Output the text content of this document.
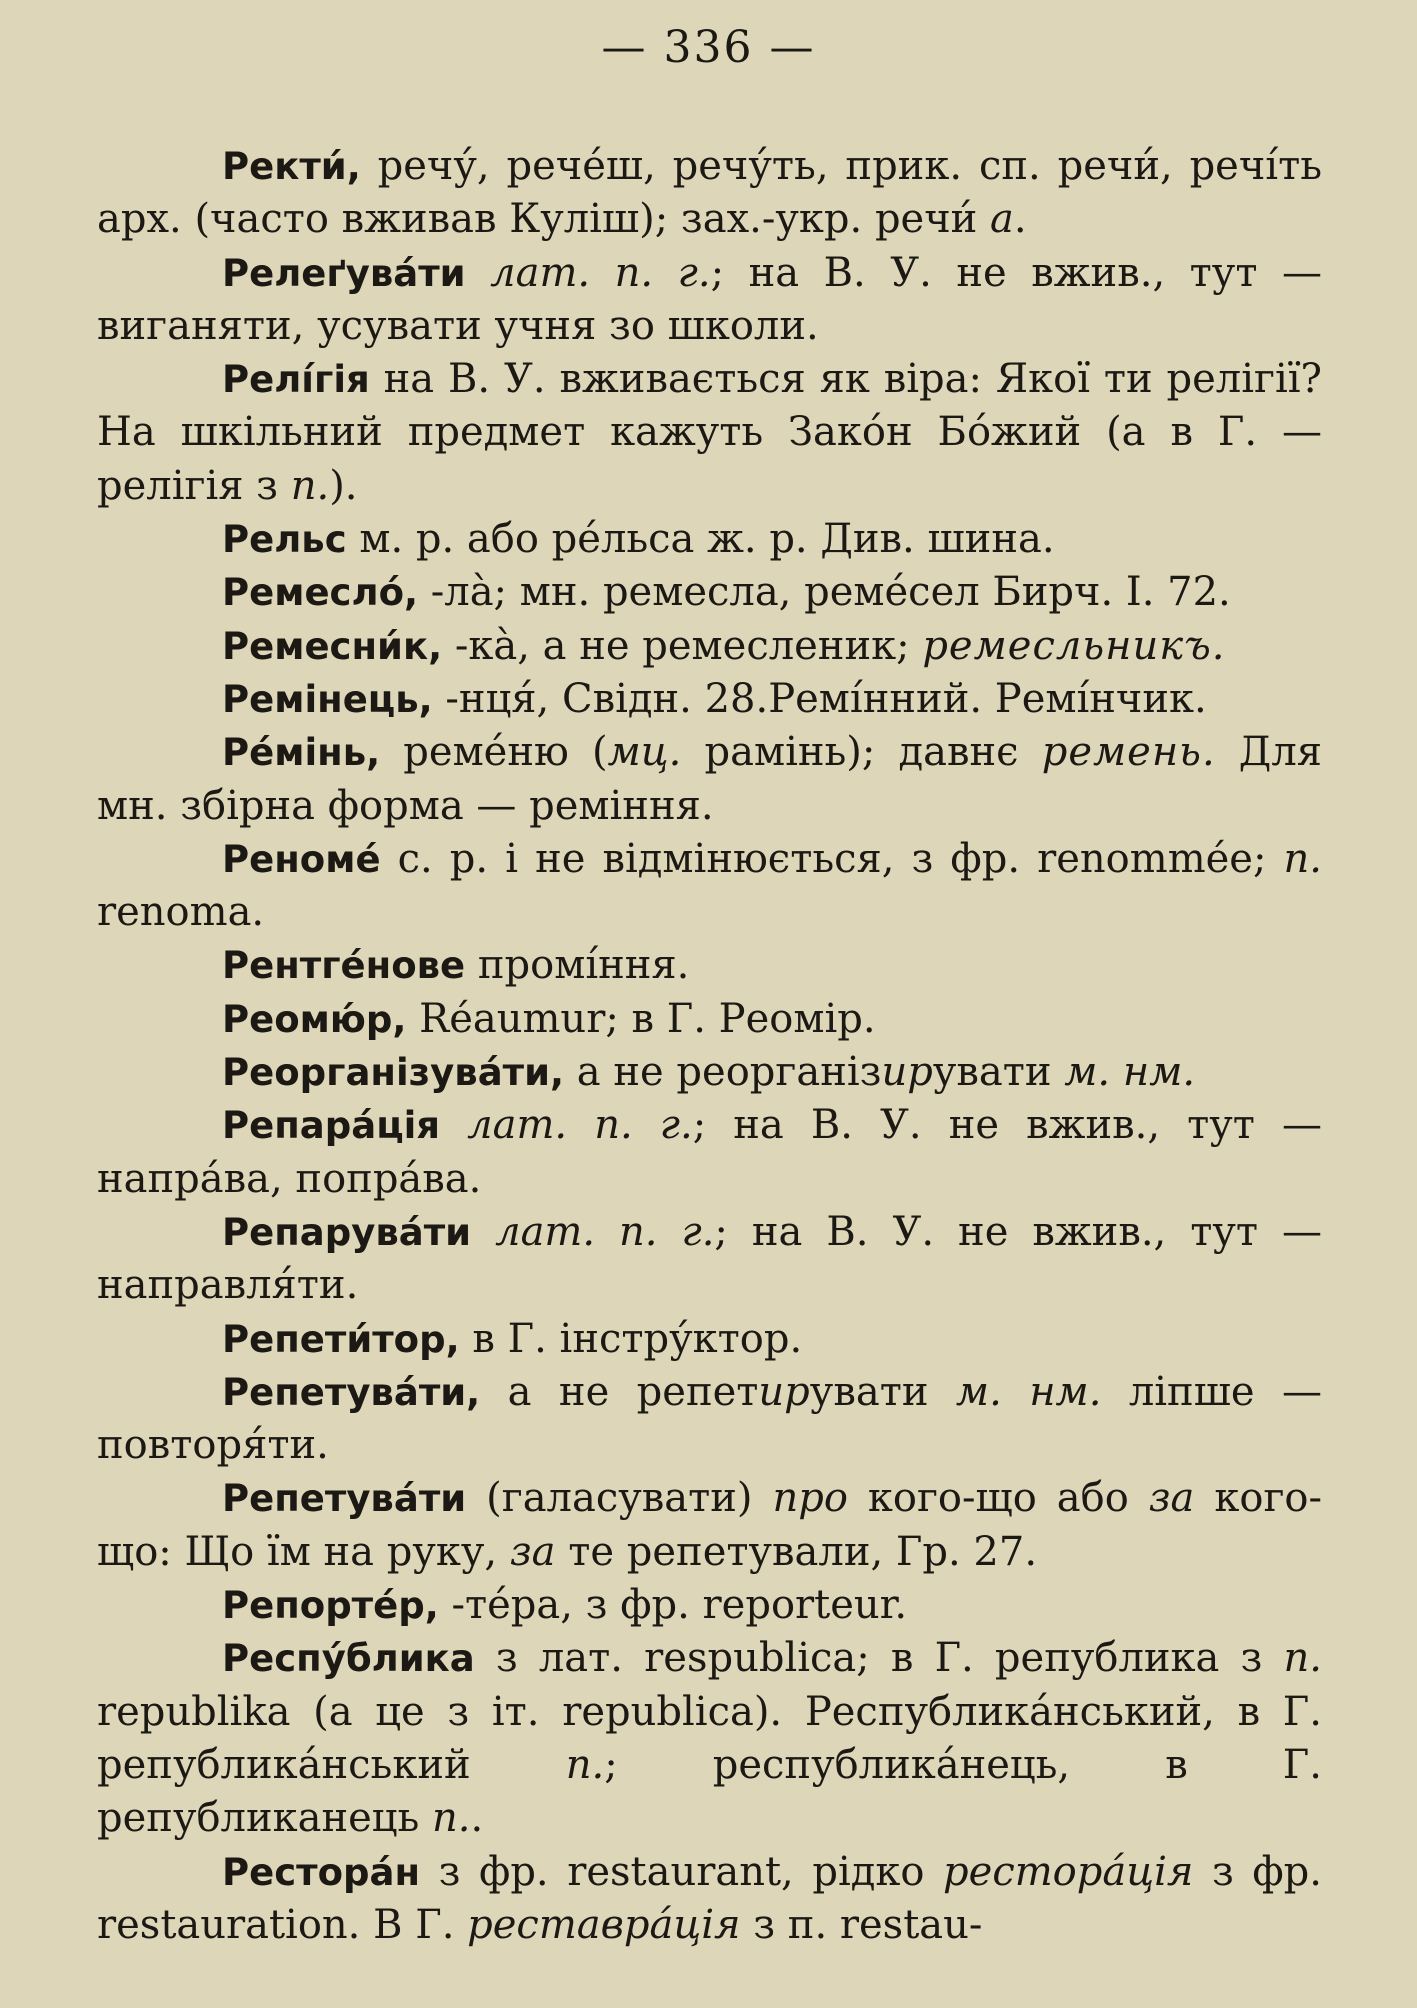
— 336 —

Ректи́, речу́, рече́ш, речу́ть, прик. сп. речи́, речі́ть арх. (часто вживав Куліш); зах.-укр. речи́ а.

Релеґува́ти лат. п. г.; на В. У. не вжив., тут — виганяти, усувати учня зо школи.

Релі́гія на В. У. вживається як віра: Якої ти релігії? На шкільний предмет кажуть Зако́н Бо́жий (а в Г. — релігія з п.).

Рельс м. р. або ре́льса ж. р. Див. шина.

Ремесло́, -ла̀; мн. ремесла, реме́сел Бирч. І. 72.

Ремесни́к, -ка̀, а не ремесленик; ремесльникъ.

Ремінець, -нця́, Свідн. 28.Ремі́нний. Ремі́нчик.

Ре́мінь, реме́ню (мц. рамінь); давнє ремень. Для мн. збірна форма — реміння.

Реномé с. р. і не відмінюється, з фр. renommée; п. renoma.

Рентге́нове промі́ння.

Реомю́р, Réaumur; в Г. Реомір.

Реорганізува́ти, а не реорганізирувати м. нм.

Репара́ція лат. п. г.; на В. У. не вжив., тут — напра́ва, попра́ва.

Репарува́ти лат. п. г.; на В. У. не вжив., тут — направля́ти.

Репети́тор, в Г. інстру́ктор.

Репетува́ти, а не репетирувати м. нм. ліпше — повторя́ти.

Репетува́ти (галасувати) про кого-що або за кого-що: Що їм на руку, за те репетували, Гр. 27.

Репорте́р, -те́ра, з фр. reporteur.

Респу́блика з лат. respublica; в Г. република з п. republika (а це з іт. republica). Республика́нський, в Г. република́нський п.; республика́нець, в Г. републиканець п..

Рестора́н з фр. restaurant, рідко рестора́ція з фр. restauration. В Г. реставра́ція з п. restau-
